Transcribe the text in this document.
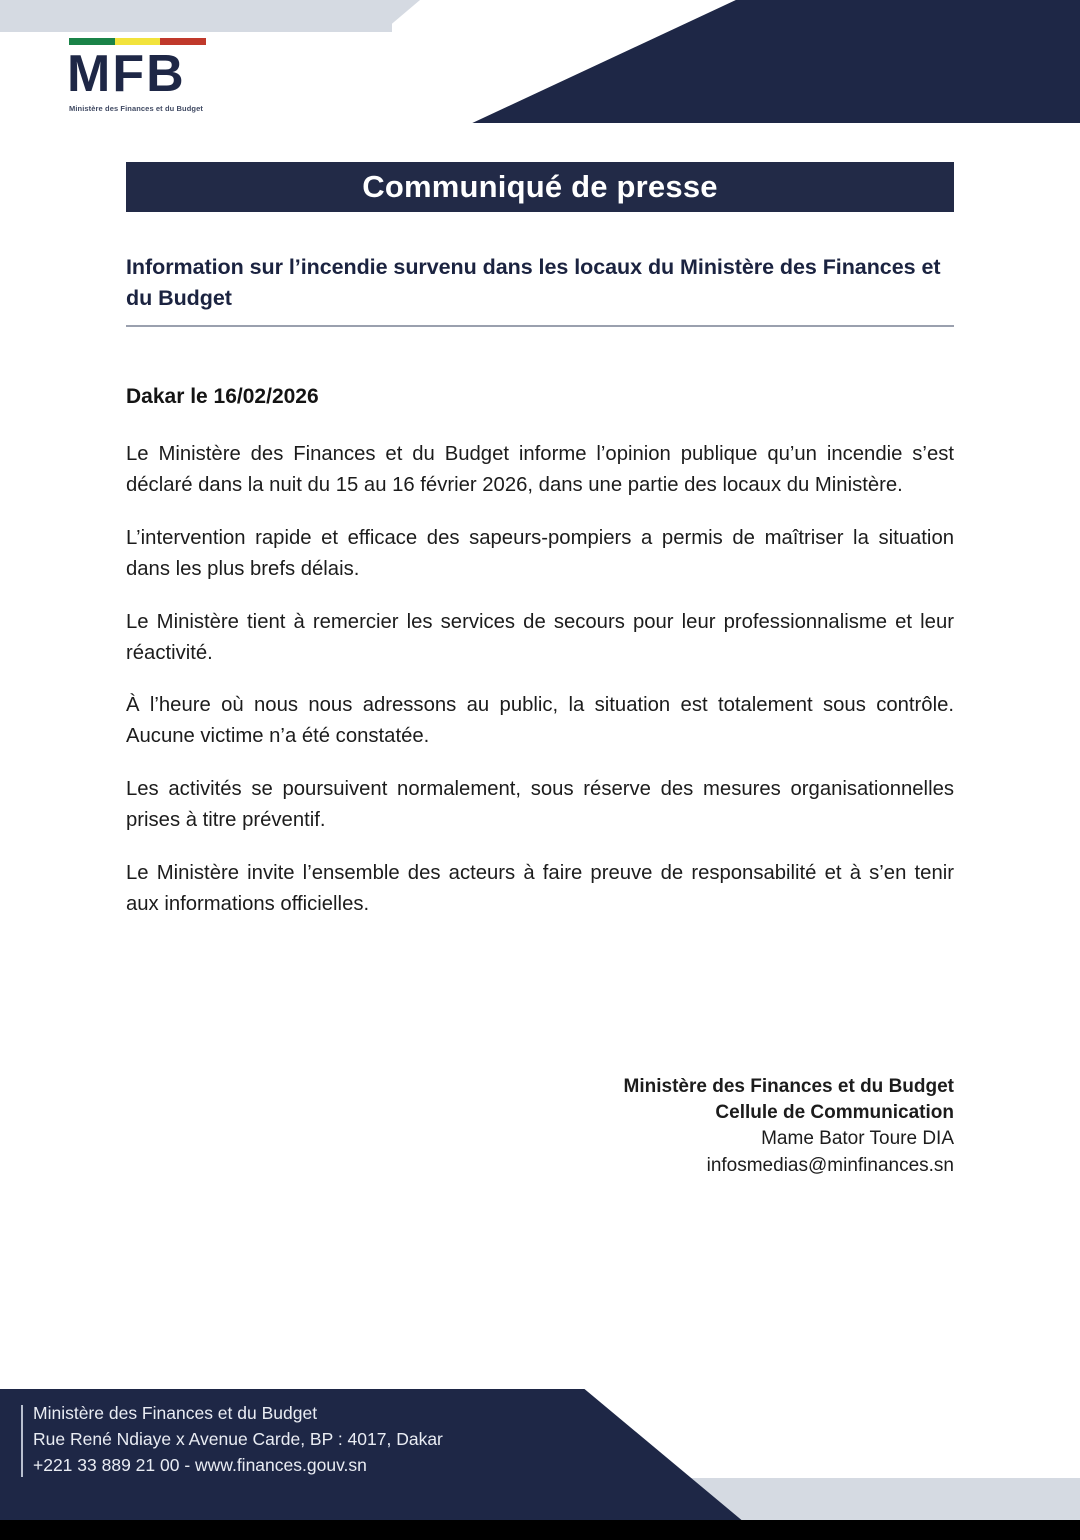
MFB
Ministère des Finances et du Budget
Communiqué de presse
Information sur l’incendie survenu dans les locaux du Ministère des Finances et du Budget
Dakar le 16/02/2026

Le Ministère des Finances et du Budget informe l’opinion publique qu’un incendie s’est déclaré dans la nuit du 15 au 16 février 2026, dans une partie des locaux du Ministère.

L’intervention rapide et efficace des sapeurs-pompiers a permis de maîtriser la situation dans les plus brefs délais.

Le Ministère tient à remercier les services de secours pour leur professionnalisme et leur réactivité.

À l’heure où nous nous adressons au public, la situation est totalement sous contrôle. Aucune victime n’a été constatée.

Les activités se poursuivent normalement, sous réserve des mesures organisationnelles prises à titre préventif.

Le Ministère invite l’ensemble des acteurs à faire preuve de responsabilité et à s’en tenir aux informations officielles.

Ministère des Finances et du Budget
Cellule de Communication
Mame Bator Toure DIA
infosmedias@minfinances.sn
Ministère des Finances et du Budget
Rue René Ndiaye x Avenue Carde, BP : 4017, Dakar
+221 33 889 21 00 - www.finances.gouv.sn
